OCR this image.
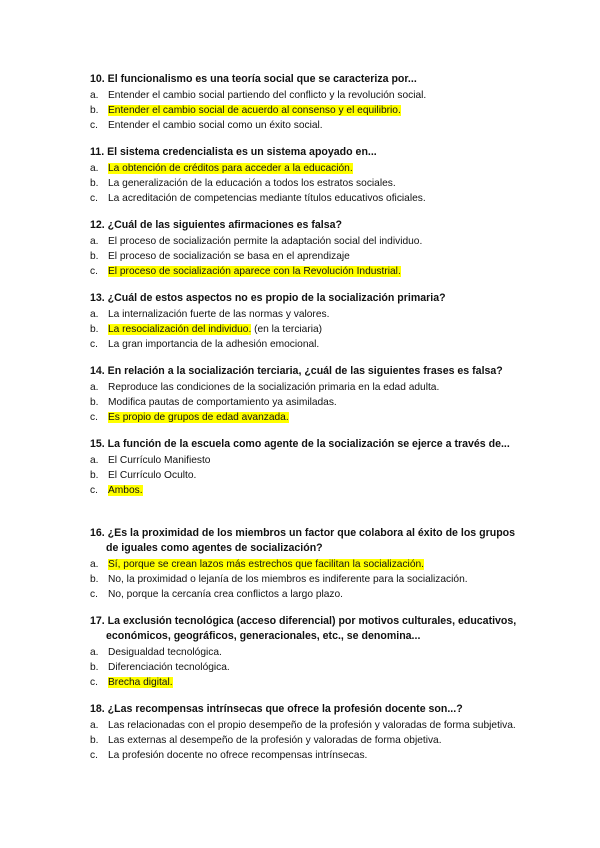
10. El funcionalismo es una teoría social que se caracteriza por...

a. Entender el cambio social partiendo del conflicto y la revolución social.
b. Entender el cambio social de acuerdo al consenso y el equilibrio.
c. Entender el cambio social como un éxito social.

11. El sistema credencialista es un sistema apoyado en...

a. La obtención de créditos para acceder a la educación.
b. La generalización de la educación a todos los estratos sociales.
c. La acreditación de competencias mediante títulos educativos oficiales.

12. ¿Cuál de las siguientes afirmaciones es falsa?

a. El proceso de socialización permite la adaptación social del individuo.
b. El proceso de socialización se basa en el aprendizaje
c. El proceso de socialización aparece con la Revolución Industrial.

13. ¿Cuál de estos aspectos no es propio de la socialización primaria?

a. La internalización fuerte de las normas y valores.
b. La resocialización del individuo. (en la terciaria)
c. La gran importancia de la adhesión emocional.

14. En relación a la socialización terciaria, ¿cuál de las siguientes frases es falsa?

a. Reproduce las condiciones de la socialización primaria en la edad adulta.
b. Modifica pautas de comportamiento ya asimiladas.
c. Es propio de grupos de edad avanzada.

15. La función de la escuela como agente de la socialización se ejerce a través de...

a. El Currículo Manifiesto
b. El Currículo Oculto.
c. Ambos.

16. ¿Es la proximidad de los miembros un factor que colabora al éxito de los grupos de iguales como agentes de socialización?

a. Sí, porque se crean lazos más estrechos que facilitan la socialización.
b. No, la proximidad o lejanía de los miembros es indiferente para la socialización.
c. No, porque la cercanía crea conflictos a largo plazo.

17. La exclusión tecnológica (acceso diferencial) por motivos culturales, educativos, económicos, geográficos, generacionales, etc., se denomina...

a. Desigualdad tecnológica.
b. Diferenciación tecnológica.
c. Brecha digital.

18. ¿Las recompensas intrínsecas que ofrece la profesión docente son...?

a. Las relacionadas con el propio desempeño de la profesión y valoradas de forma subjetiva.
b. Las externas al desempeño de la profesión y valoradas de forma objetiva.
c. La profesión docente no ofrece recompensas intrínsecas.
